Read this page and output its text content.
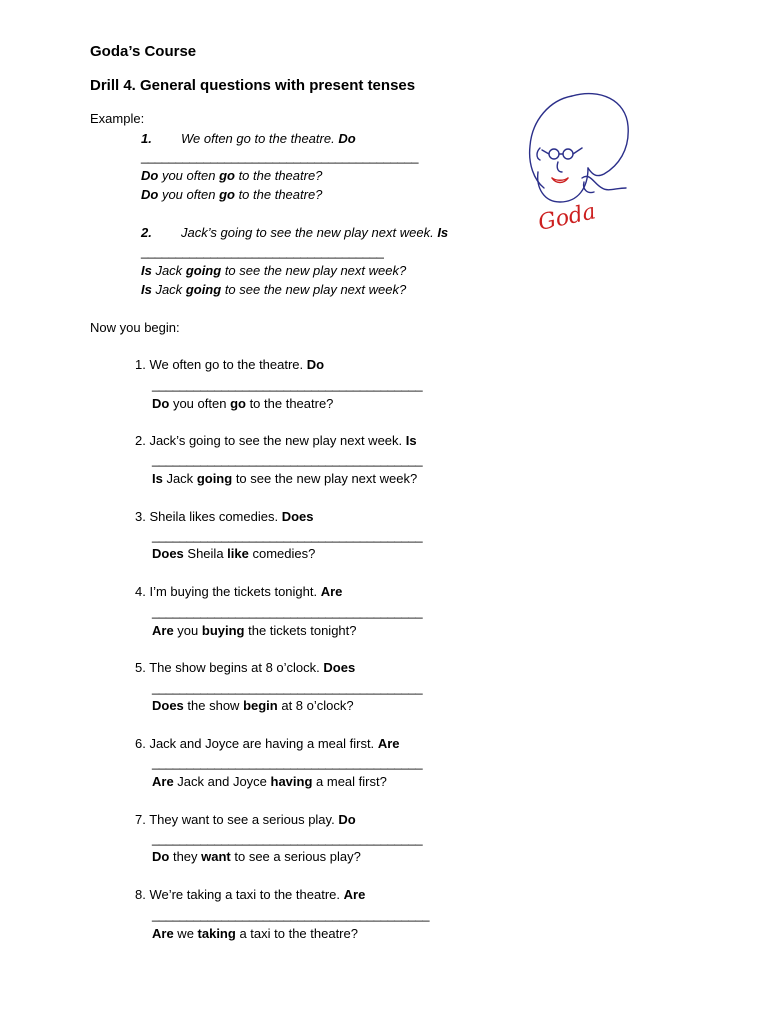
Goda’s Course
Drill 4. General questions with present tenses
Example:
1. We often go to the theatre. Do
________________________________________
Do you often go to the theatre?
Do you often go to the theatre?
2. Jack’s going to see the new play next week. Is
___________________________________
Is Jack going to see the new play next week?
Is Jack going to see the new play next week?
Now you begin:
1. We often go to the theatre. Do
_______________________________________
Do you often go to the theatre?
2. Jack’s going to see the new play next week. Is
_______________________________________
Is Jack going to see the new play next week?
3. Sheila likes comedies. Does
_______________________________________
Does Sheila like comedies?
4. I’m buying the tickets tonight. Are
_______________________________________
Are you buying the tickets tonight?
5. The show begins at 8 o’clock. Does
_______________________________________
Does the show begin at 8 o’clock?
6. Jack and Joyce are having a meal first. Are
_______________________________________
Are Jack and Joyce having a meal first?
7. They want to see a serious play. Do
_______________________________________
Do they want to see a serious play?
8. We’re taking a taxi to the theatre. Are
________________________________________
Are we taking a taxi to the theatre?
Goda
